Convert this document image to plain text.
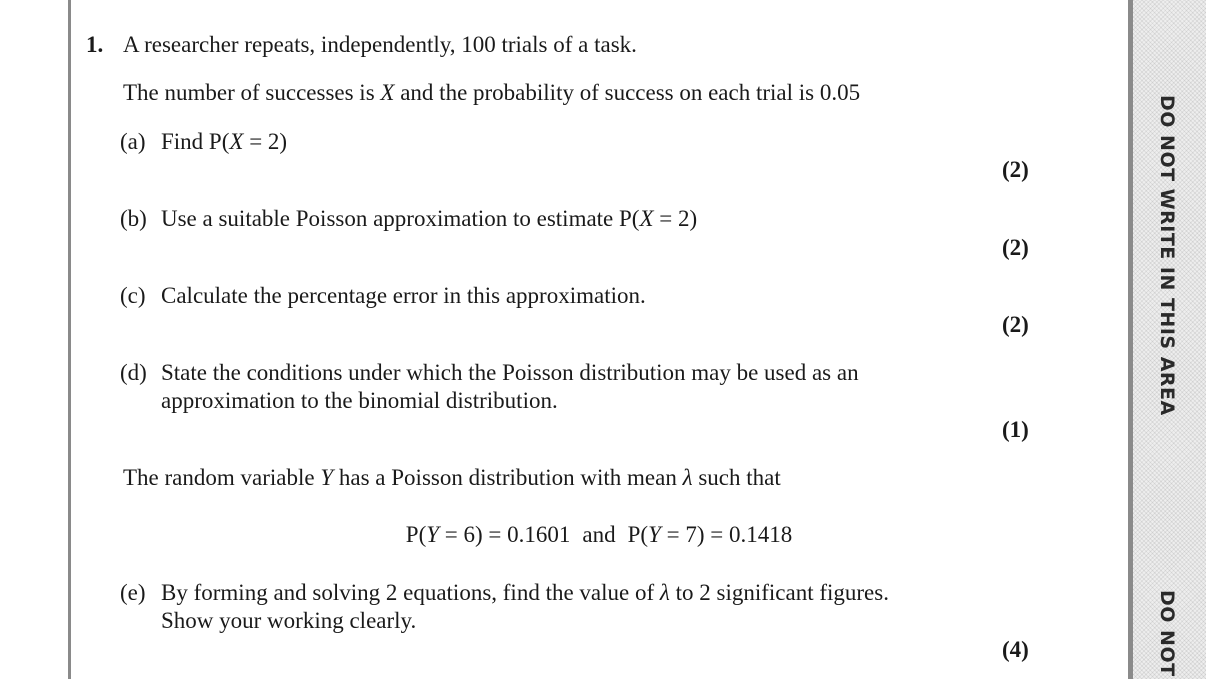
DO NOT WRITE IN THIS AREA
DO NOT
1. A researcher repeats, independently, 100 trials of a task.
The number of successes is X and the probability of success on each trial is 0.05
(a) Find P(X = 2)
(2)
(b) Use a suitable Poisson approximation to estimate P(X = 2)
(2)
(c) Calculate the percentage error in this approximation.
(2)
(d) State the conditions under which the Poisson distribution may be used as an
approximation to the binomial distribution.
(1)
The random variable Y has a Poisson distribution with mean λ such that
P(Y = 6) = 0.1601 and P(Y = 7) = 0.1418
(e) By forming and solving 2 equations, find the value of λ to 2 significant figures.
Show your working clearly.
(4)
